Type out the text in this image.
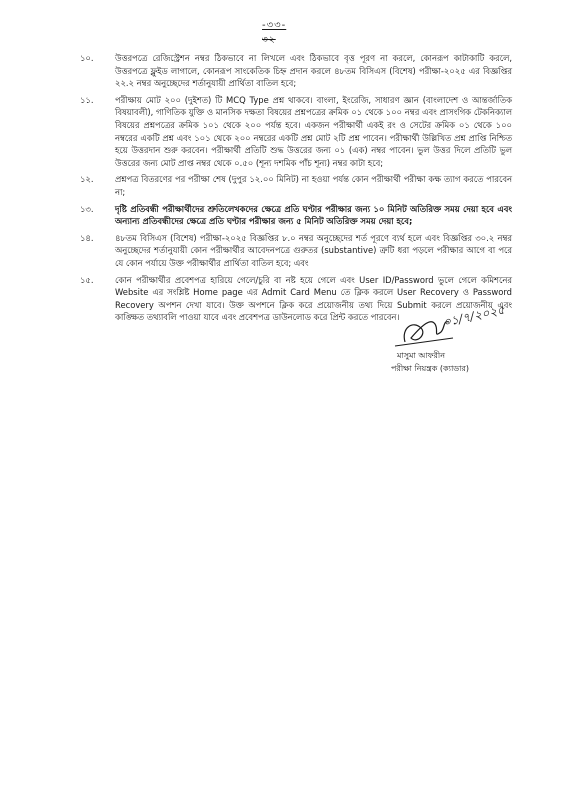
-৩৩-
৩২
১০.	উত্তরপত্রে রেজিস্ট্রেশন নম্বর ঠিকভাবে না লিখলে এবং ঠিকভাবে বৃত্ত পূরণ না করলে, কোনরূপ কাটাকাটি করলে, উত্তরপত্রে ফ্লুইড লাগালে, কোনরূপ সাংকেতিক চিহ্ন প্রদান করলে ৪৮তম বিসিএস (বিশেষ) পরীক্ষা-২০২৫ এর বিজ্ঞপ্তির ২২.২ নম্বর অনুচ্ছেদের শর্তানুযায়ী প্রার্থিতা বাতিল হবে;
১১.	পরীক্ষায় মোট ২০০ (দুইশত) টি MCQ Type প্রশ্ন থাকবে। বাংলা, ইংরেজি, সাধারণ জ্ঞান (বাংলাদেশ ও আন্তর্জাতিক বিষয়াবলী), গাণিতিক যুক্তি ও মানসিক দক্ষতা বিষয়ের প্রশ্নপত্রের ক্রমিক ০১ থেকে ১০০ নম্বর এবং প্রাসংগিক টেকনিক্যাল বিষয়ের প্রশ্নপত্রের ক্রমিক ১০১ থেকে ২০০ পর্যন্ত হবে। একজন পরীক্ষার্থী একই রং ও সেটের ক্রমিক ০১ থেকে ১০০ নম্বরের একটি প্রশ্ন এবং ১০১ থেকে ২০০ নম্বরের একটি প্রশ্ন মোট ২টি প্রশ্ন পাবেন। পরীক্ষার্থী উল্লিখিত প্রশ্ন প্রাপ্তি নিশ্চিত হয়ে উত্তরদান শুরু করবেন। পরীক্ষার্থী প্রতিটি শুদ্ধ উত্তরের জন্য ০১ (এক) নম্বর পাবেন। ভুল উত্তর দিলে প্রতিটি ভুল উত্তরের জন্য মোট প্রাপ্ত নম্বর থেকে ০.৫০ (শূন্য দশমিক পাঁচ শূন্য) নম্বর কাটা হবে;
১২.	প্রশ্নপত্র বিতরণের পর পরীক্ষা শেষ (দুপুর ১২.০০ মিনিট) না হওয়া পর্যন্ত কোন পরীক্ষার্থী পরীক্ষা কক্ষ ত্যাগ করতে পারবেন না;
১৩.	দৃষ্টি প্রতিবন্ধী পরীক্ষার্থীদের শ্রুতিলেখকদের ক্ষেত্রে প্রতি ঘণ্টার পরীক্ষার জন্য ১০ মিনিট অতিরিক্ত সময় দেয়া হবে এবং অন্যান্য প্রতিবন্ধীদের ক্ষেত্রে প্রতি ঘণ্টার পরীক্ষার জন্য ৫ মিনিট অতিরিক্ত সময় দেয়া হবে;
১৪.	৪৮তম বিসিএস (বিশেষ) পরীক্ষা-২০২৫ বিজ্ঞপ্তির ৮.০ নম্বর অনুচ্ছেদের শর্ত পূরণে ব্যর্থ হলে এবং বিজ্ঞপ্তির ৩০.২ নম্বর অনুচ্ছেদের শর্তানুযায়ী কোন পরীক্ষার্থীর আবেদনপত্রে গুরুতর (substantive) ত্রুটি ধরা পড়লে পরীক্ষার আগে বা পরে যে কোন পর্যায়ে উক্ত পরীক্ষার্থীর প্রার্থিতা বাতিল হবে; এবং
১৫.	কোন পরীক্ষার্থীর প্রবেশপত্র হারিয়ে গেলে/চুরি বা নষ্ট হয়ে গেলে এবং User ID/Password ভুলে গেলে কমিশনের Website এর সংশ্লিষ্ট Home page এর Admit Card Menu তে ক্লিক করলে User Recovery ও Password Recovery অপশন দেখা যাবে। উক্ত অপশনে ক্লিক করে প্রয়োজনীয় তথ্য দিয়ে Submit করলে প্রয়োজনীয় এবং কাঙ্ক্ষিত তথ্যাবলি পাওয়া যাবে এবং প্রবেশপত্র ডাউনলোড করে প্রিন্ট করতে পারবেন।	০১/৭/২০২৫
মাসুমা আফরীন
পরীক্ষা নিয়ন্ত্রক (ক্যাডার)
